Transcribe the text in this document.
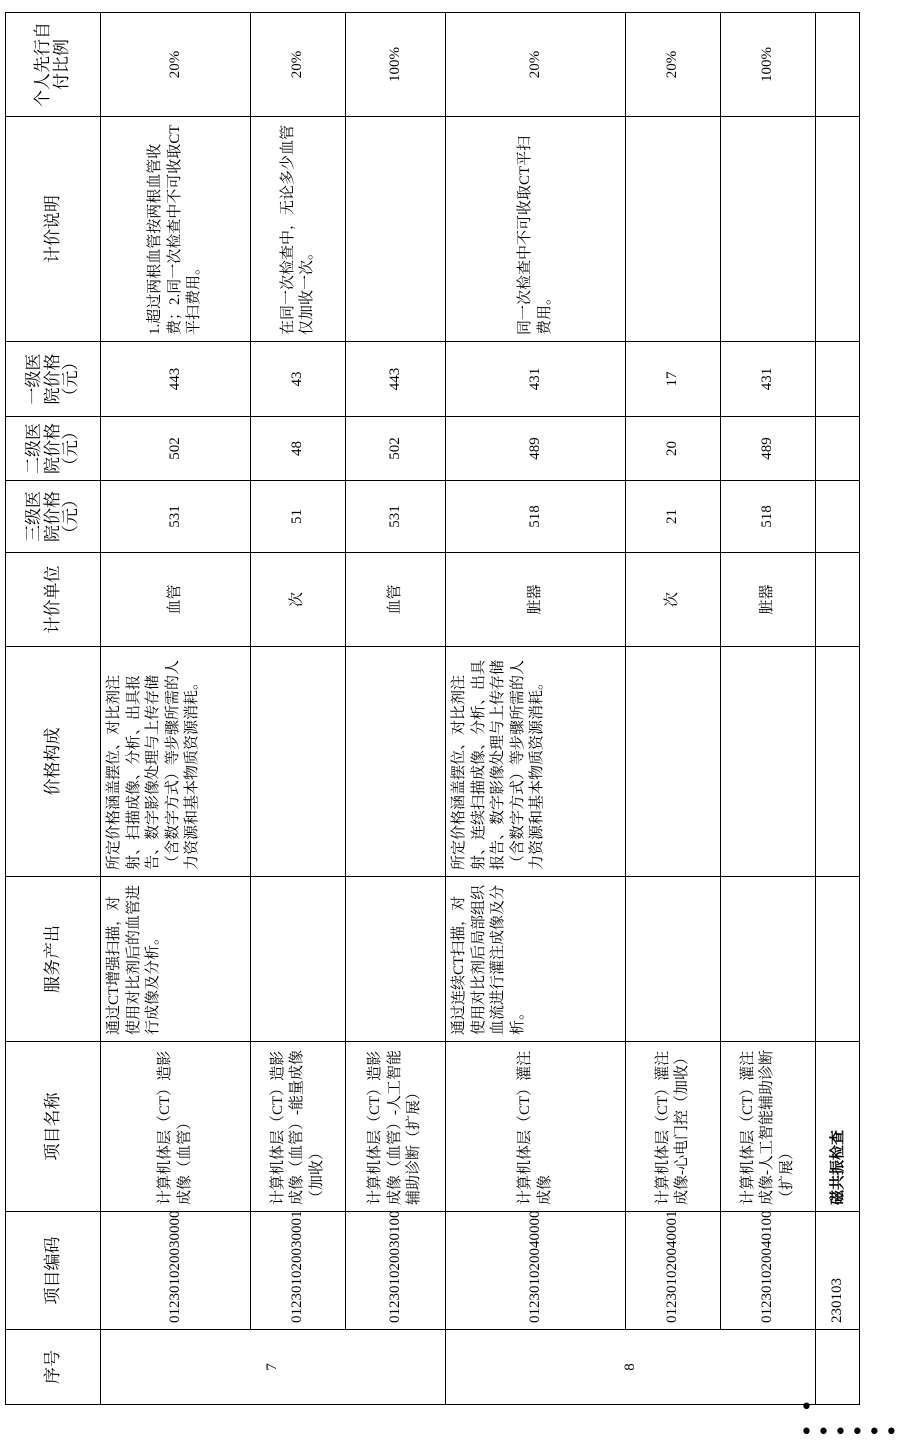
序号	项目编码	项目名称	服务产出	价格构成	计价单位	三级医院价格（元）	二级医院价格（元）	一级医院价格（元）	计价说明	个人先行自付比例
7	012301020030000	计算机体层（CT）造影成像（血管）	通过CT增强扫描，对使用对比剂后的血管进行成像及分析。	所定价格涵盖摆位、对比剂注射、扫描成像、分析、出具报告、数字影像处理与上传存储（含数字方式）等步骤所需的人力资源和基本物质资源消耗。	血管	531	502	443	1.超过两根血管按两根血管收费；2.同一次检查中不可收取CT平扫费用。	20%
	012301020030001	计算机体层（CT）造影成像（血管）-能量成像（加收）			次	51	48	43	在同一次检查中，无论多少血管仅加收一次。	20%
	012301020030100	计算机体层（CT）造影成像（血管）-人工智能辅助诊断（扩展）			血管	531	502	443		100%
8	012301020040000	计算机体层（CT）灌注成像	通过连续CT扫描，对使用对比剂后局部组织血流进行灌注成像及分析。	所定价格涵盖摆位、对比剂注射、连续扫描成像、分析、出具报告、数字影像处理与上传存储（含数字方式）等步骤所需的人力资源和基本物质资源消耗。	脏器	518	489	431	同一次检查中不可收取CT平扫费用。	20%
	012301020040001	计算机体层（CT）灌注成像-心电门控（加收）			次	21	20	17		20%
	012301020040100	计算机体层（CT）灌注成像-人工智能辅助诊断（扩展）			脏器	518	489	431		100%
	230103	磁共振检查								
• ••••••
